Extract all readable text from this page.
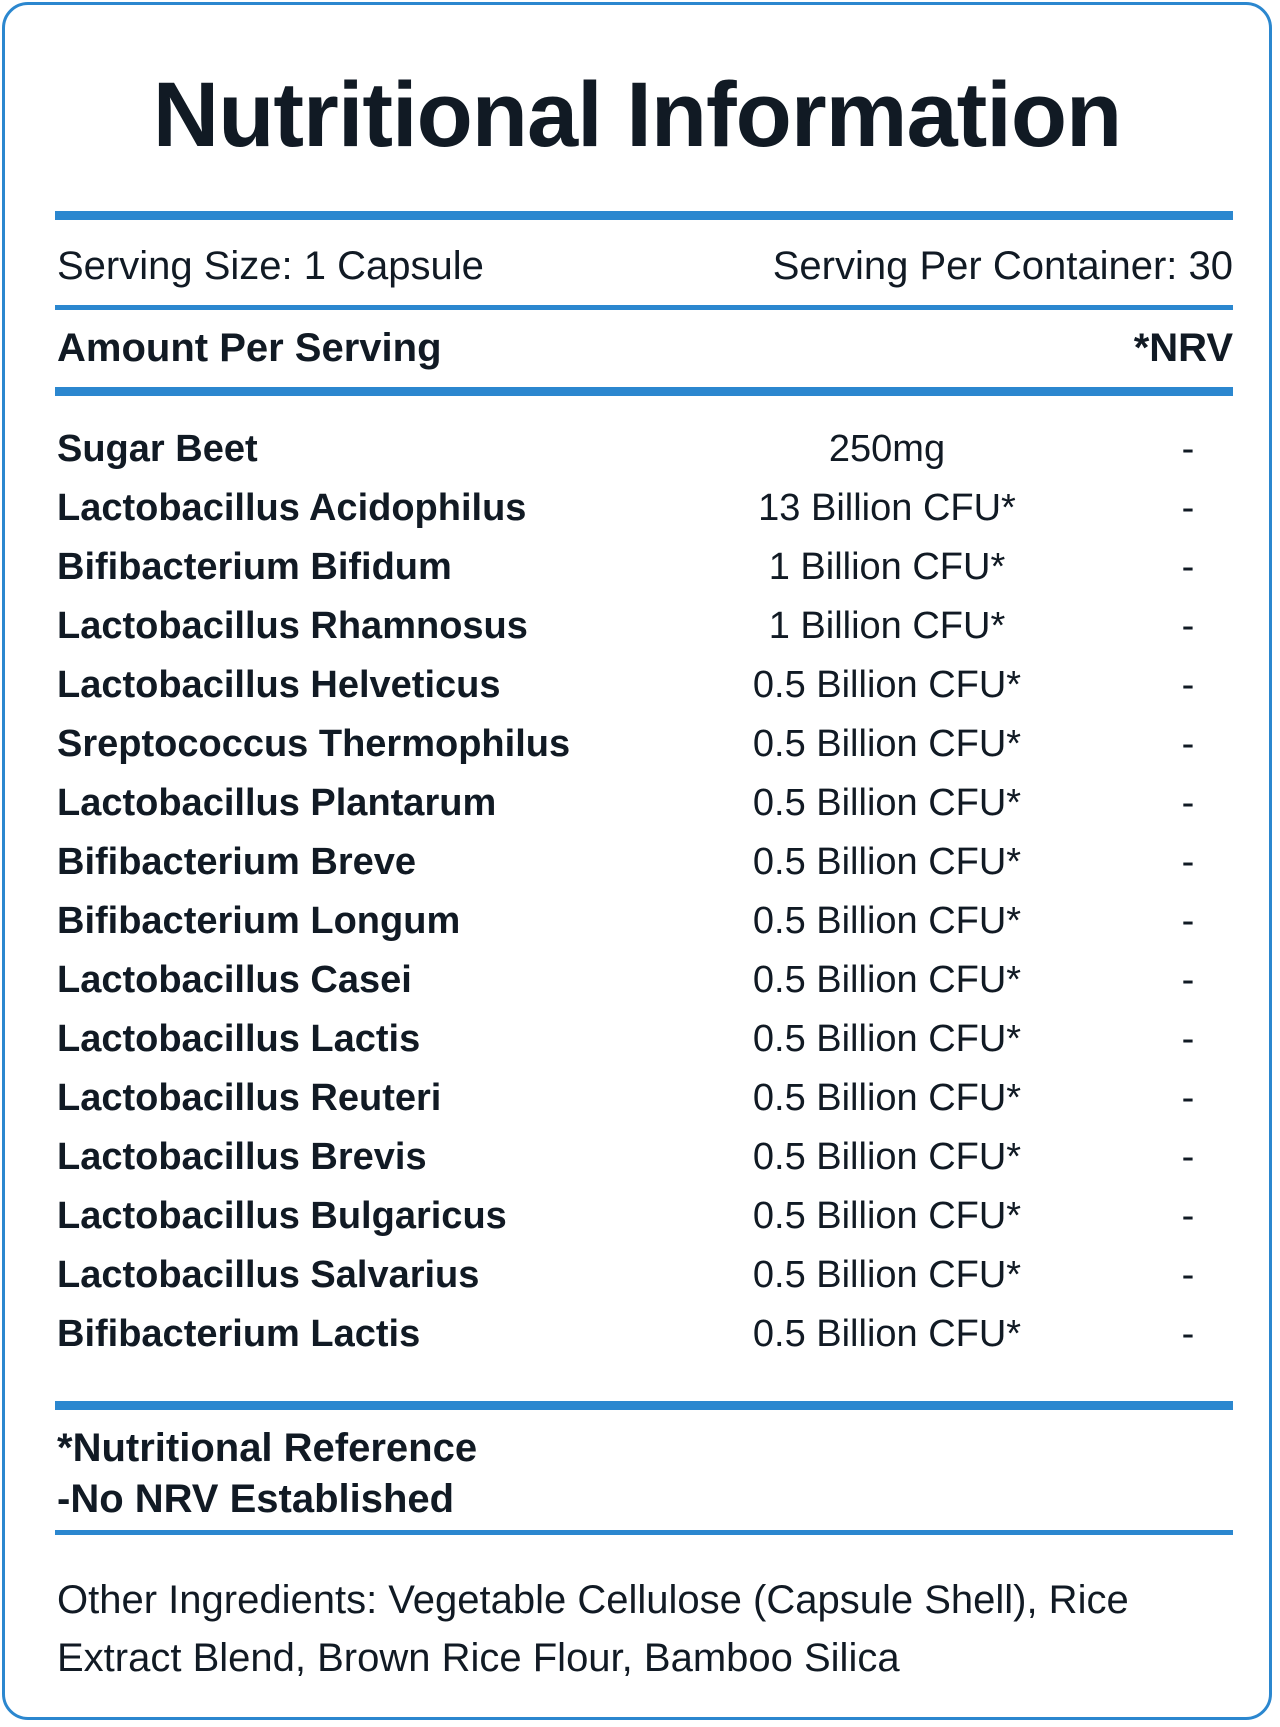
Nutritional Information
Serving Size: 1 Capsule	Serving Per Container: 30
Amount Per Serving	*NRV
Sugar Beet	250mg	-
Lactobacillus Acidophilus	13 Billion CFU*	-
Bifibacterium Bifidum	1 Billion CFU*	-
Lactobacillus Rhamnosus	1 Billion CFU*	-
Lactobacillus Helveticus	0.5 Billion CFU*	-
Sreptococcus Thermophilus	0.5 Billion CFU*	-
Lactobacillus Plantarum	0.5 Billion CFU*	-
Bifibacterium Breve	0.5 Billion CFU*	-
Bifibacterium Longum	0.5 Billion CFU*	-
Lactobacillus Casei	0.5 Billion CFU*	-
Lactobacillus Lactis	0.5 Billion CFU*	-
Lactobacillus Reuteri	0.5 Billion CFU*	-
Lactobacillus Brevis	0.5 Billion CFU*	-
Lactobacillus Bulgaricus	0.5 Billion CFU*	-
Lactobacillus Salvarius	0.5 Billion CFU*	-
Bifibacterium Lactis	0.5 Billion CFU*	-
*Nutritional Reference
-No NRV Established
Other Ingredients: Vegetable Cellulose (Capsule Shell), Rice Extract Blend, Brown Rice Flour, Bamboo Silica
